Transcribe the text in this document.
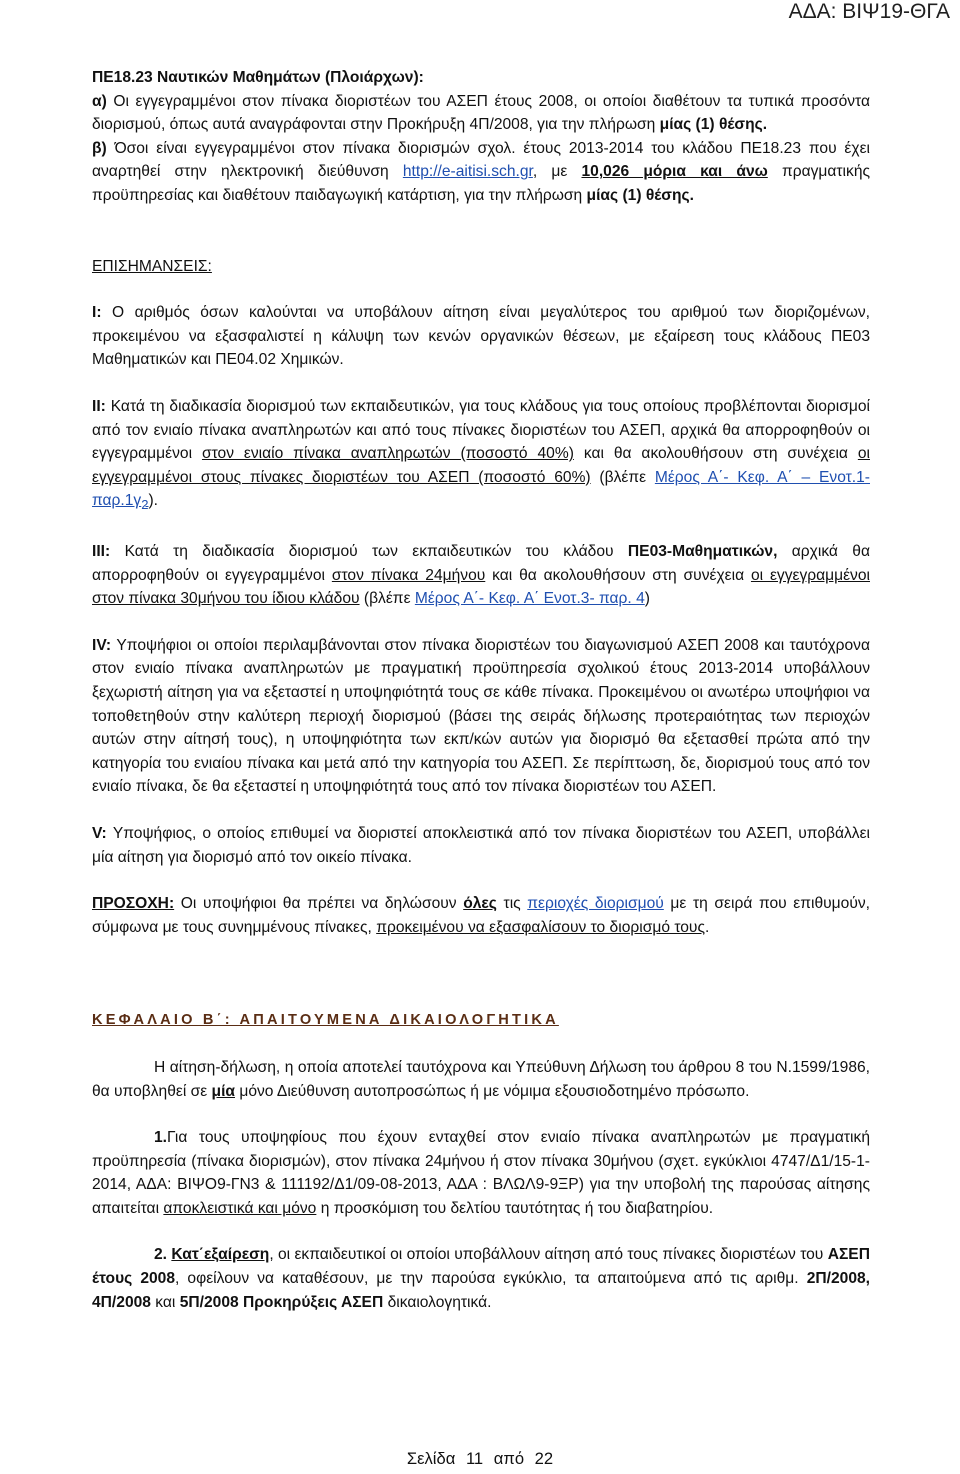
ΑΔΑ: ΒΙΨ19-ΘΓΑ
ΠΕ18.23 Ναυτικών Μαθημάτων (Πλοιάρχων):
α) Οι εγγεγραμμένοι στον πίνακα διοριστέων του ΑΣΕΠ έτους 2008, οι οποίοι διαθέτουν τα τυπικά προσόντα διορισμού, όπως αυτά αναγράφονται στην Προκήρυξη 4Π/2008, για την πλήρωση μίας (1) θέσης.
β) Όσοι είναι εγγεγραμμένοι στον πίνακα διορισμών σχολ. έτους 2013-2014 του κλάδου ΠΕ18.23 που έχει αναρτηθεί στην ηλεκτρονική διεύθυνση http://e-aitisi.sch.gr, με 10,026 μόρια και άνω πραγματικής προϋπηρεσίας και διαθέτουν παιδαγωγική κατάρτιση, για την πλήρωση μίας (1) θέσης.
ΕΠΙΣΗΜΑΝΣΕΙΣ:
Ι: Ο αριθμός όσων καλούνται να υποβάλουν αίτηση είναι μεγαλύτερος του αριθμού των διοριζομένων, προκειμένου να εξασφαλιστεί η κάλυψη των κενών οργανικών θέσεων, με εξαίρεση τους κλάδους ΠΕ03 Μαθηματικών και ΠΕ04.02 Χημικών.
ΙΙ: Κατά τη διαδικασία διορισμού των εκπαιδευτικών, για τους κλάδους για τους οποίους προβλέπονται διορισμοί από τον ενιαίο πίνακα αναπληρωτών και από τους πίνακες διοριστέων του ΑΣΕΠ, αρχικά θα απορροφηθούν οι εγγεγραμμένοι στον ενιαίο πίνακα αναπληρωτών (ποσοστό 40%) και θα ακολουθήσουν στη συνέχεια οι εγγεγραμμένοι στους πίνακες διοριστέων του ΑΣΕΠ (ποσοστό 60%) (βλέπε Μέρος Α΄- Κεφ. Α΄ – Ενοτ.1- $\pi\alpha\rho.1\gamma_2$).
ΙΙΙ: Κατά τη διαδικασία διορισμού των εκπαιδευτικών του κλάδου ΠΕ03-Μαθηματικών, αρχικά θα απορροφηθούν οι εγγεγραμμένοι στον πίνακα 24μήνου και θα ακολουθήσουν στη συνέχεια οι εγγεγραμμένοι στον πίνακα 30μήνου του ίδιου κλάδου (βλέπε Μέρος Α΄- Κεφ. Α΄ Ενοτ.3- παρ. 4)
IV: Υποψήφιοι οι οποίοι περιλαμβάνονται στον πίνακα διοριστέων του διαγωνισμού ΑΣΕΠ 2008 και ταυτόχρονα στον ενιαίο πίνακα αναπληρωτών με πραγματική προϋπηρεσία σχολικού έτους 2013-2014 υποβάλλουν ξεχωριστή αίτηση για να εξεταστεί η υποψηφιότητά τους σε κάθε πίνακα. Προκειμένου οι ανωτέρω υποψήφιοι να τοποθετηθούν στην καλύτερη περιοχή διορισμού (βάσει της σειράς δήλωσης προτεραιότητας των περιοχών αυτών στην αίτησή τους), η υποψηφιότητα των εκπ/κών αυτών για διορισμό θα εξετασθεί πρώτα από την κατηγορία του ενιαίου πίνακα και μετά από την κατηγορία του ΑΣΕΠ. Σε περίπτωση, δε, διορισμού τους από τον ενιαίο πίνακα, δε θα εξεταστεί η υποψηφιότητά τους από τον πίνακα διοριστέων του ΑΣΕΠ.
V: Υποψήφιος, ο οποίος επιθυμεί να διοριστεί αποκλειστικά από τον πίνακα διοριστέων του ΑΣΕΠ, υποβάλλει μία αίτηση για διορισμό από τον οικείο πίνακα.
ΠΡΟΣΟΧΗ: Οι υποψήφιοι θα πρέπει να δηλώσουν όλες τις περιοχές διορισμού με τη σειρά που επιθυμούν, σύμφωνα με τους συνημμένους πίνακες, προκειμένου να εξασφαλίσουν το διορισμό τους.
ΚΕΦΑΛΑΙΟ Β΄: ΑΠΑΙΤΟΥΜΕΝΑ ΔΙΚΑΙΟΛΟΓΗΤΙΚΑ
Η αίτηση-δήλωση, η οποία αποτελεί ταυτόχρονα και Υπεύθυνη Δήλωση του άρθρου 8 του Ν.1599/1986, θα υποβληθεί σε μία μόνο Διεύθυνση αυτοπροσώπως ή με νόμιμα εξουσιοδοτημένο πρόσωπο.
1.Για τους υποψηφίους που έχουν ενταχθεί στον ενιαίο πίνακα αναπληρωτών με πραγματική προϋπηρεσία (πίνακα διορισμών), στον πίνακα 24μήνου ή στον πίνακα 30μήνου (σχετ. εγκύκλιοι 4747/Δ1/15-1-2014, ΑΔΑ: ΒΙΨΟ9-ΓΝ3 & 111192/Δ1/09-08-2013, ΑΔΑ : ΒΛΩΛ9-9ΞΡ) για την υποβολή της παρούσας αίτησης απαιτείται αποκλειστικά και μόνο η προσκόμιση του δελτίου ταυτότητας ή του διαβατηρίου.
2. Κατ΄εξαίρεση, οι εκπαιδευτικοί οι οποίοι υποβάλλουν αίτηση από τους πίνακες διοριστέων του ΑΣΕΠ έτους 2008, οφείλουν να καταθέσουν, με την παρούσα εγκύκλιο, τα απαιτούμενα από τις αριθμ. 2Π/2008, 4Π/2008 και 5Π/2008 Προκηρύξεις ΑΣΕΠ δικαιολογητικά.
Σελίδα 11 από 22
